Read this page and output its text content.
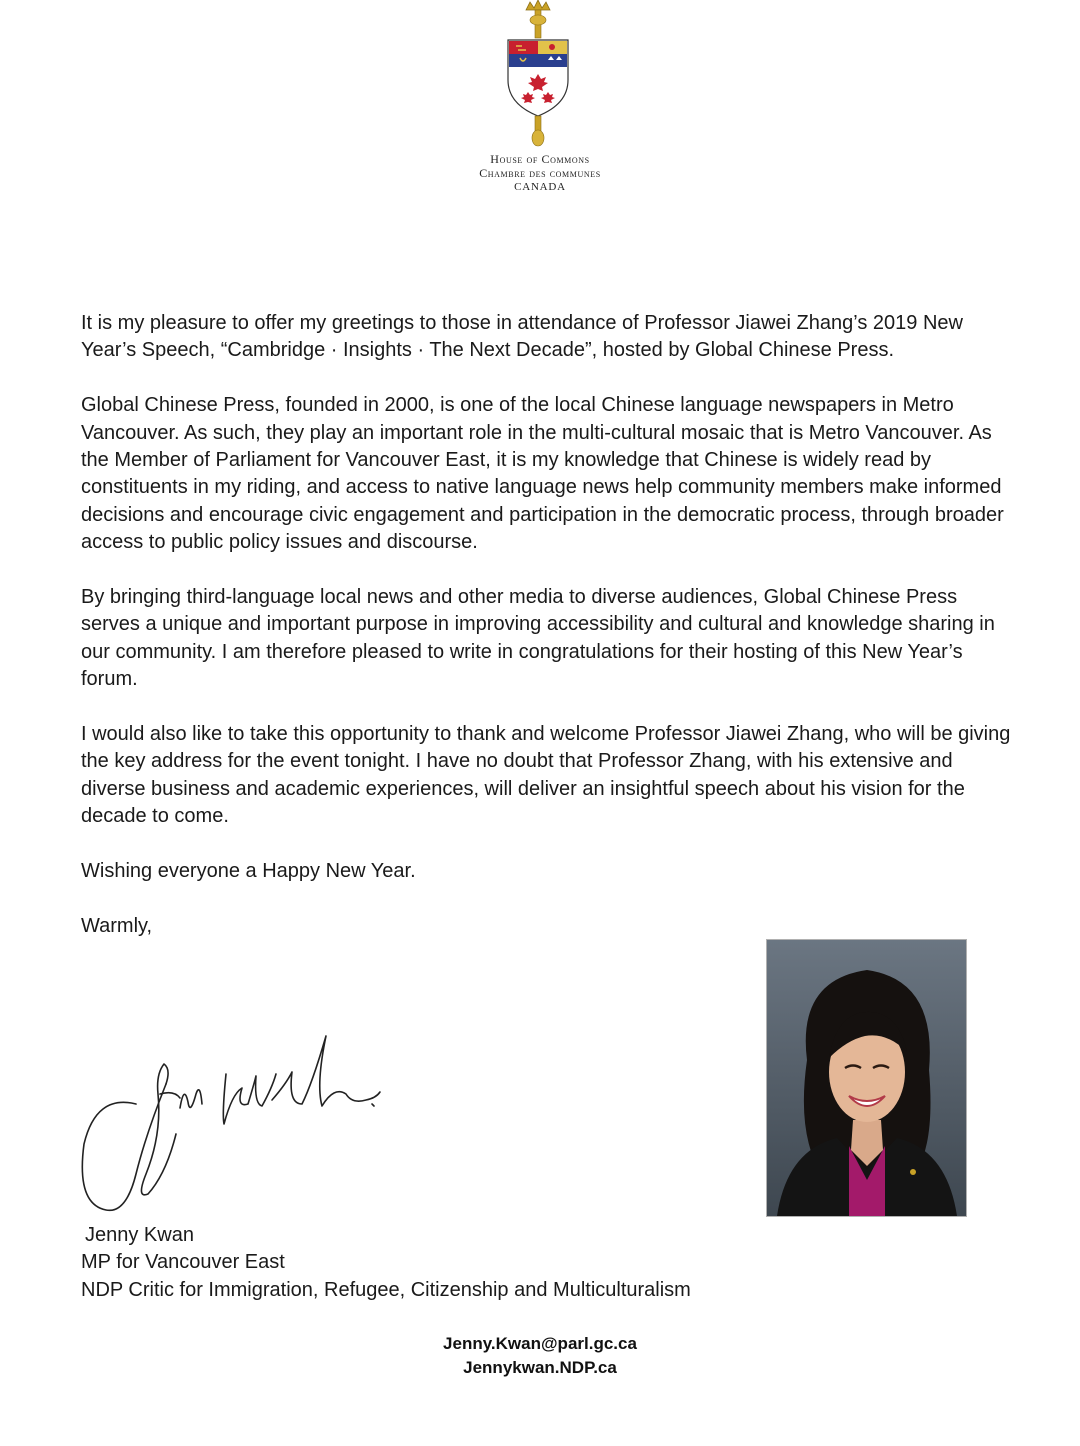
House of Commons
Chambre des communes
CANADA

It is my pleasure to offer my greetings to those in attendance of Professor Jiawei Zhang’s 2019 New Year’s Speech, “Cambridge · Insights · The Next Decade”, hosted by Global Chinese Press.

Global Chinese Press, founded in 2000, is one of the local Chinese language newspapers in Metro Vancouver. As such, they play an important role in the multi-cultural mosaic that is Metro Vancouver. As the Member of Parliament for Vancouver East, it is my knowledge that Chinese is widely read by constituents in my riding, and access to native language news help community members make informed decisions and encourage civic engagement and participation in the democratic process, through broader access to public policy issues and discourse.

By bringing third-language local news and other media to diverse audiences, Global Chinese Press serves a unique and important purpose in improving accessibility and cultural and knowledge sharing in our community. I am therefore pleased to write in congratulations for their hosting of this New Year’s forum.

I would also like to take this opportunity to thank and welcome Professor Jiawei Zhang, who will be giving the key address for the event tonight. I have no doubt that Professor Zhang, with his extensive and diverse business and academic experiences, will deliver an insightful speech about his vision for the decade to come.

Wishing everyone a Happy New Year.

Warmly,

Jenny Kwan
MP for Vancouver East
NDP Critic for Immigration, Refugee, Citizenship and Multiculturalism
Jenny.Kwan@parl.gc.ca
Jennykwan.NDP.ca
